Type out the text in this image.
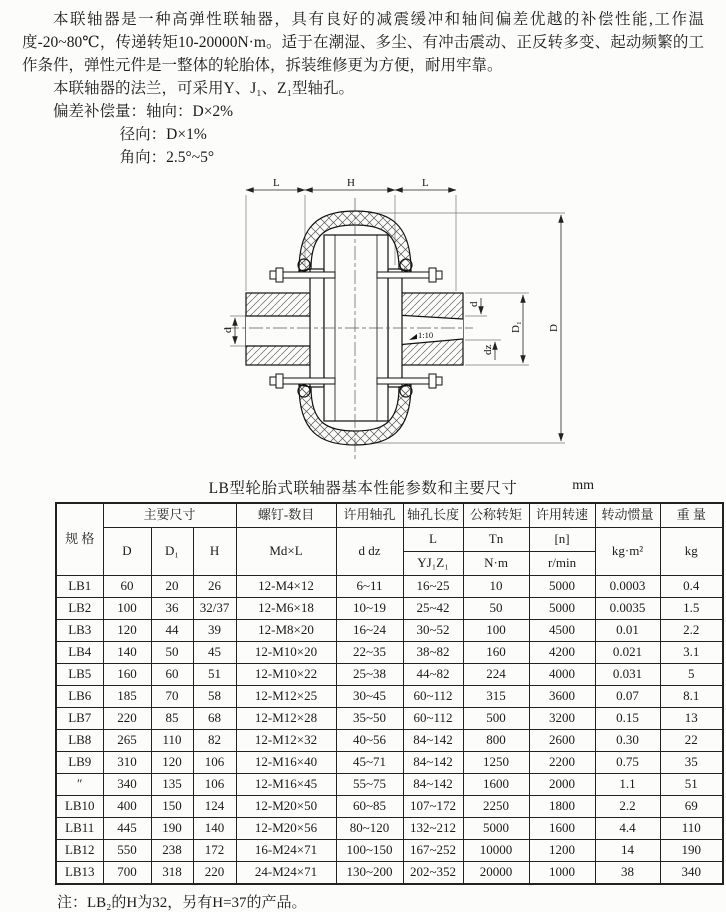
本联轴器是一种高弹性联轴器，具有良好的减震缓冲和轴间偏差优越的补偿性能,工作温度-20~80℃，传递转矩10-20000N·m。适于在潮湿、多尘、有冲击震动、正反转多变、起动频繁的工作条件，弹性元件是一整体的轮胎体，拆装维修更为方便，耐用牢靠。

本联轴器的法兰，可采用Y、J₁、Z₁型轴孔。

偏差补偿量：轴向：D×2%

径向：D×1%

角向：2.5°~5°

L	H	L
D
D₁
d
d
dz
1:10
LB型轮胎式联轴器基本性能参数和主要尺寸	mm
规 格	主要尺寸			螺钉-数目	许用轴孔	轴孔长度	公称转矩	许用转速	转动惯量	重 量
	D	D₁	H	Md×L	d dz	L	Tn	[n]	kg·m²	kg
						YJ₁Z₁	N·m	r/min		
LB1	60	20	26	12-M4×12	6~11	16~25	10	5000	0.0003	0.4
LB2	100	36	32/37	12-M6×18	10~19	25~42	50	5000	0.0035	1.5
LB3	120	44	39	12-M8×20	16~24	30~52	100	4500	0.01	2.2
LB4	140	50	45	12-M10×20	22~35	38~82	160	4200	0.021	3.1
LB5	160	60	51	12-M10×22	25~38	44~82	224	4000	0.031	5
LB6	185	70	58	12-M12×25	30~45	60~112	315	3600	0.07	8.1
LB7	220	85	68	12-M12×28	35~50	60~112	500	3200	0.15	13
LB8	265	110	82	12-M12×32	40~56	84~142	800	2600	0.30	22
LB9	310	120	106	12-M16×40	45~71	84~142	1250	2200	0.75	35
″	340	135	106	12-M16×45	55~75	84~142	1600	2000	1.1	51
LB10	400	150	124	12-M20×50	60~85	107~172	2250	1800	2.2	69
LB11	445	190	140	12-M20×56	80~120	132~212	5000	1600	4.4	110
LB12	550	238	172	16-M24×71	100~150	167~252	10000	1200	14	190
LB13	700	318	220	24-M24×71	130~200	202~352	20000	1000	38	340

注：LB₂的H为32，另有H=37的产品。
